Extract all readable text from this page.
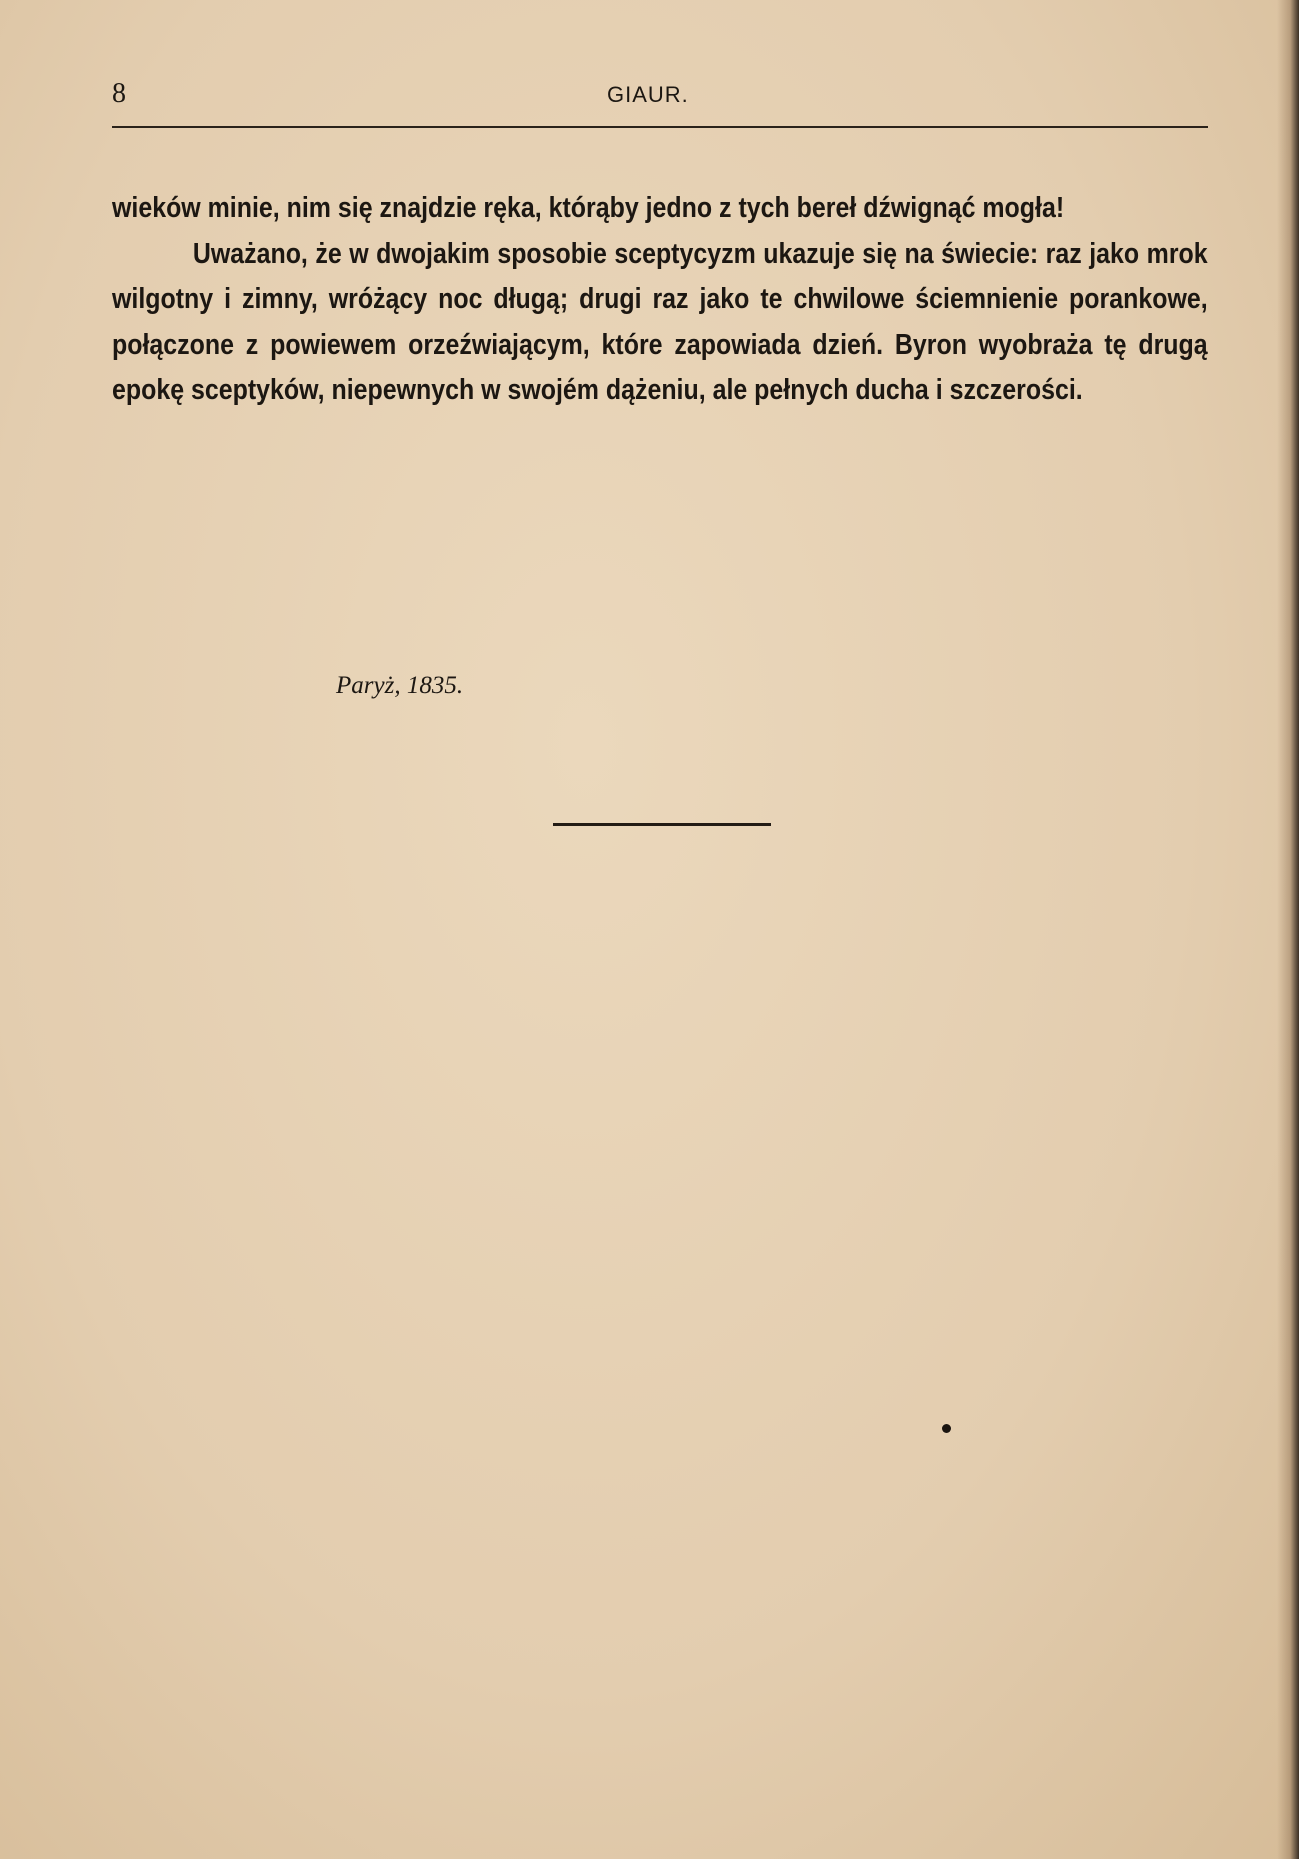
8	GIAUR.

wieków minie, nim się znajdzie ręka, którąby jedno z tych bereł dźwignąć mogła!

Uważano, że w dwojakim sposobie sceptycyzm ukazuje się na świecie: raz jako mrok wilgotny i zimny, wróżący noc długą; drugi raz jako te chwilowe ściemnienie porankowe, połączone z powiewem orzeźwiającym, które zapowiada dzień. Byron wyobraża tę drugą epokę sceptyków, niepewnych w swojém dążeniu, ale pełnych ducha i szczerości.

Paryż, 1835.
